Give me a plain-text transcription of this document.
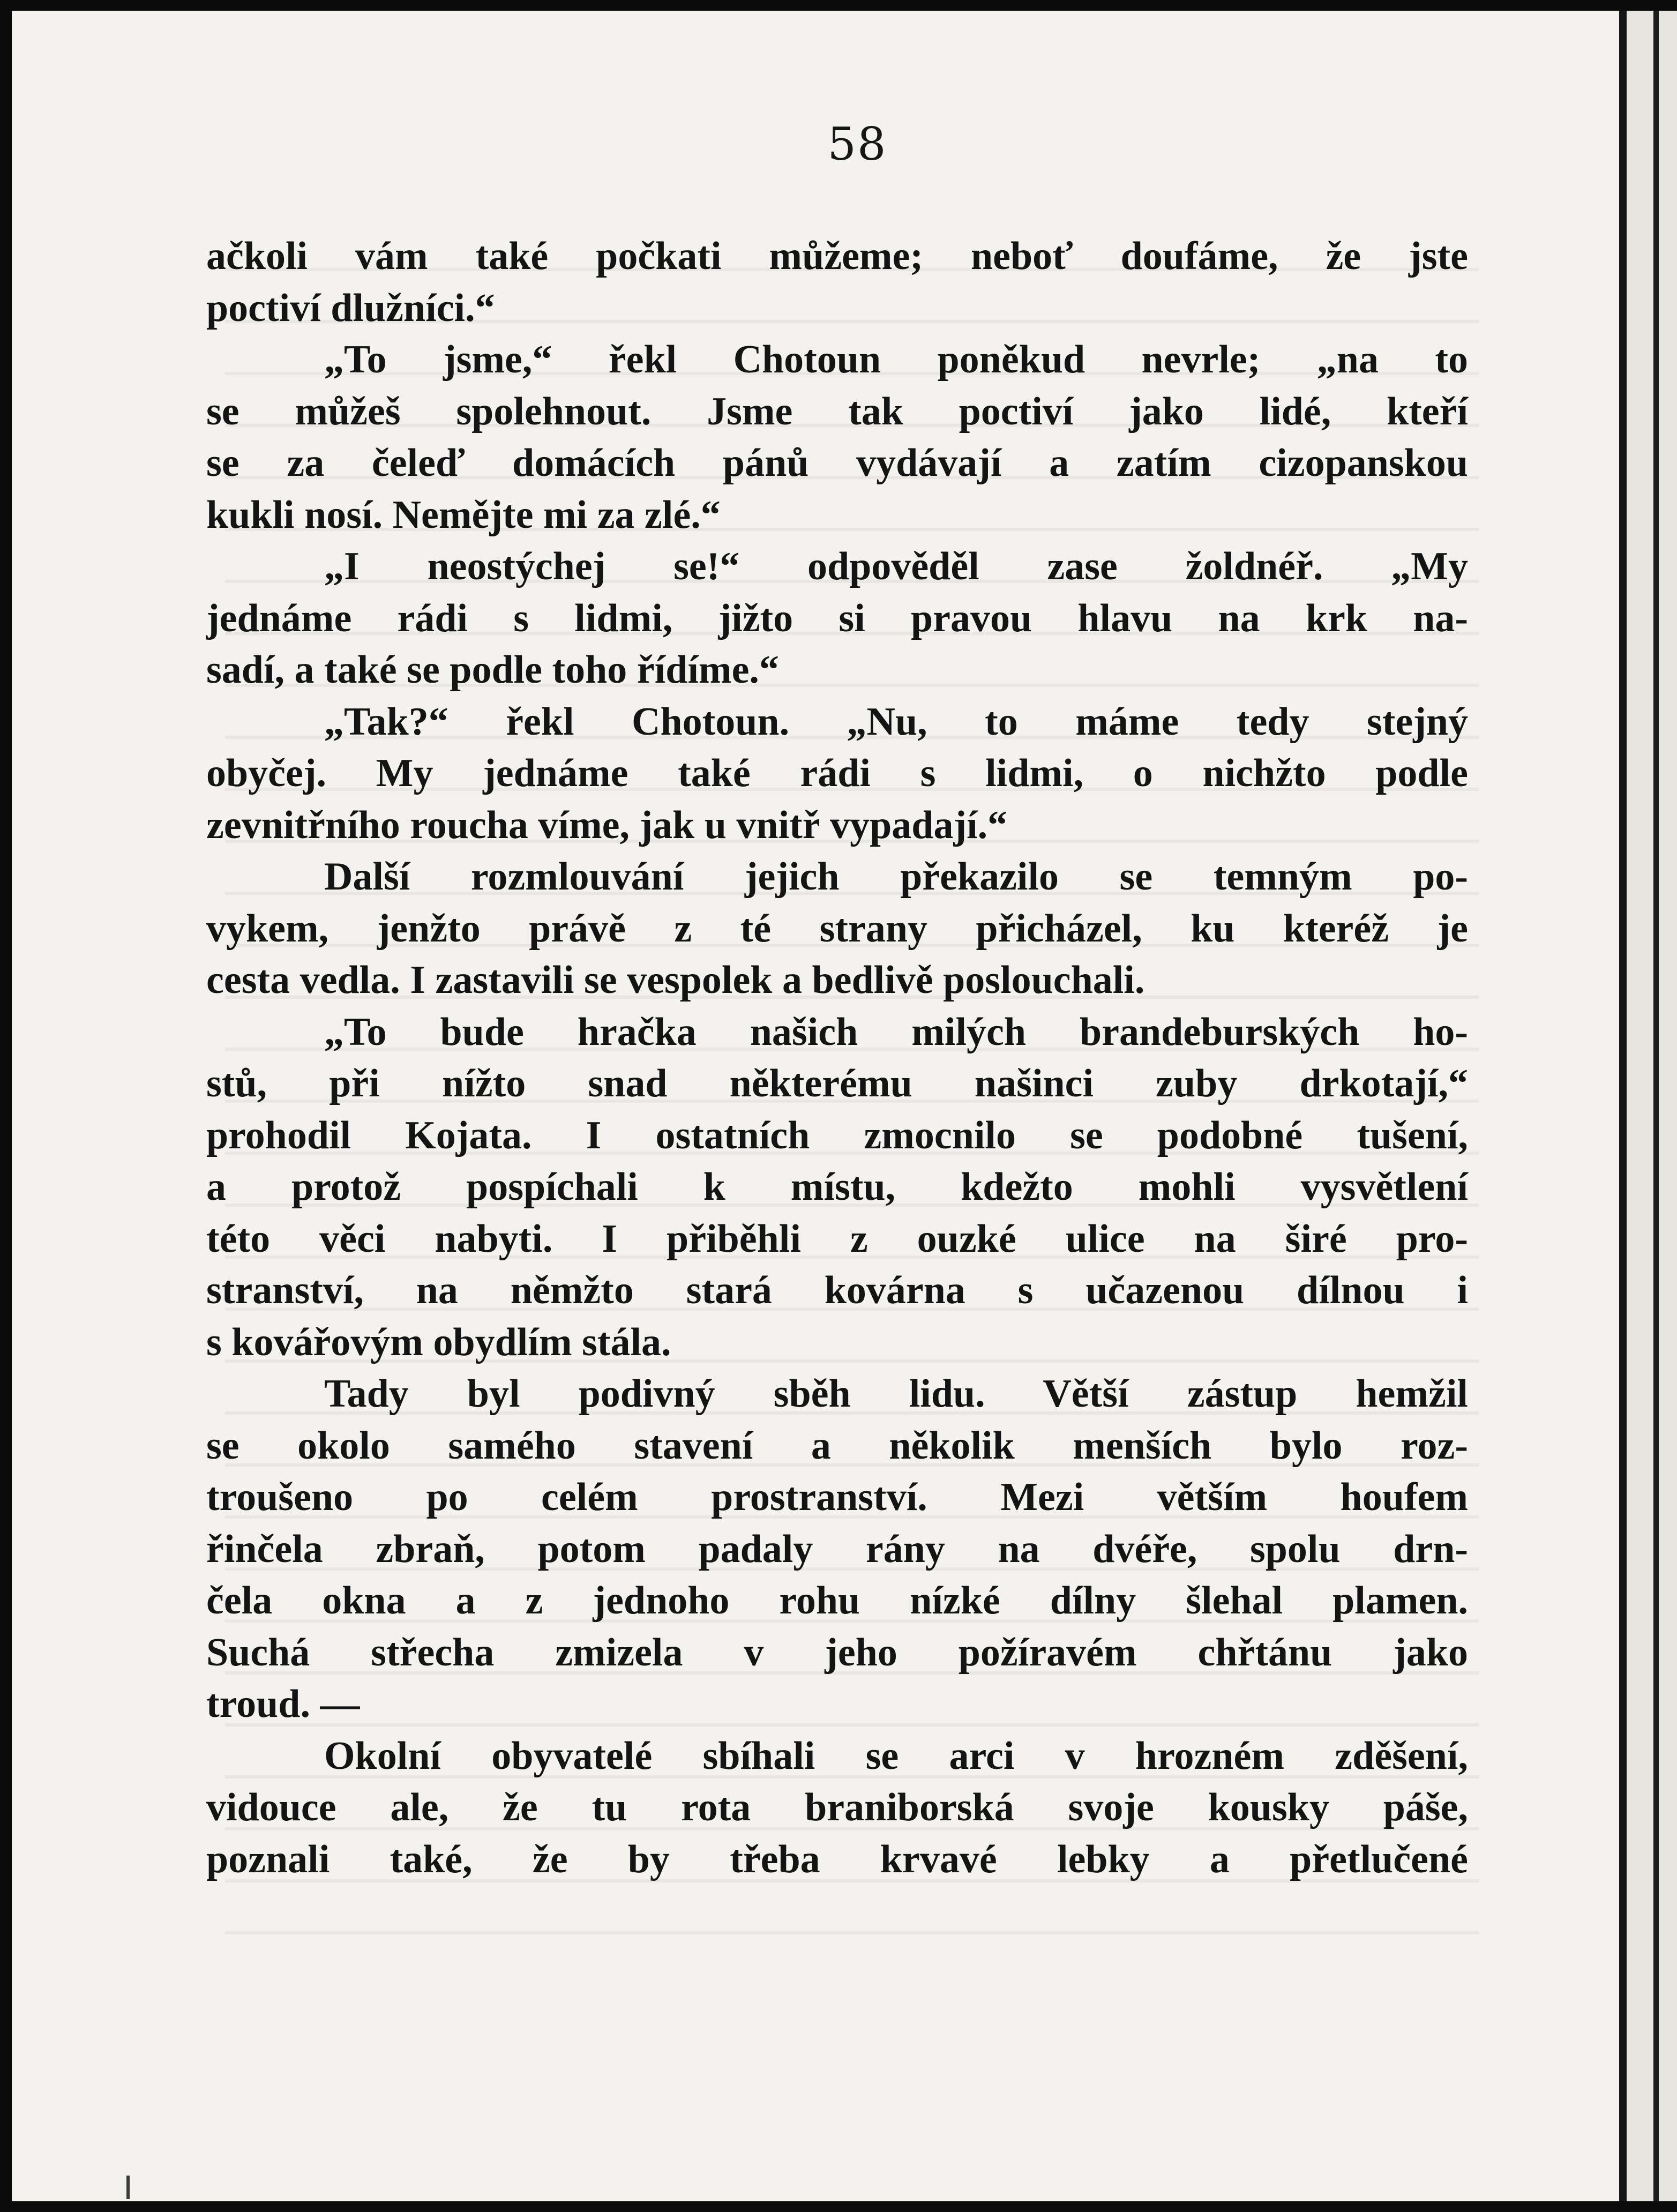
58
ačkoli vám také počkati můžeme; neboť doufáme, že jste
poctiví dlužníci.“
„To jsme,“ řekl Chotoun poněkud nevrle; „na to
se můžeš spolehnout. Jsme tak poctiví jako lidé, kteří
se za čeleď domácích pánů vydávají a zatím cizopanskou
kukli nosí. Nemějte mi za zlé.“
„I neostýchej se!“ odpověděl zase žoldnéř. „My
jednáme rádi s lidmi, jižto si pravou hlavu na krk na-
sadí, a také se podle toho řídíme.“
„Tak?“ řekl Chotoun. „Nu, to máme tedy stejný
obyčej. My jednáme také rádi s lidmi, o nichžto podle
zevnitřního roucha víme, jak u vnitř vypadají.“
Další rozmlouvání jejich překazilo se temným po-
vykem, jenžto právě z té strany přicházel, ku kteréž je
cesta vedla. I zastavili se vespolek a bedlivě poslouchali.
„To bude hračka našich milých brandeburských ho-
stů, při nížto snad některému našinci zuby drkotají,“
prohodil Kojata. I ostatních zmocnilo se podobné tušení,
a protož pospíchali k místu, kdežto mohli vysvětlení
této věci nabyti. I přiběhli z ouzké ulice na širé pro-
stranství, na němžto stará kovárna s učazenou dílnou i
s kovářovým obydlím stála.
Tady byl podivný sběh lidu. Větší zástup hemžil
se okolo samého stavení a několik menších bylo roz-
troušeno po celém prostranství. Mezi větším houfem
řinčela zbraň, potom padaly rány na dvéře, spolu drn-
čela okna a z jednoho rohu nízké dílny šlehal plamen.
Suchá střecha zmizela v jeho požíravém chřtánu jako
troud. —
Okolní obyvatelé sbíhali se arci v hrozném zděšení,
vidouce ale, že tu rota braniborská svoje kousky páše,
poznali také, že by třeba krvavé lebky a přetlučené
